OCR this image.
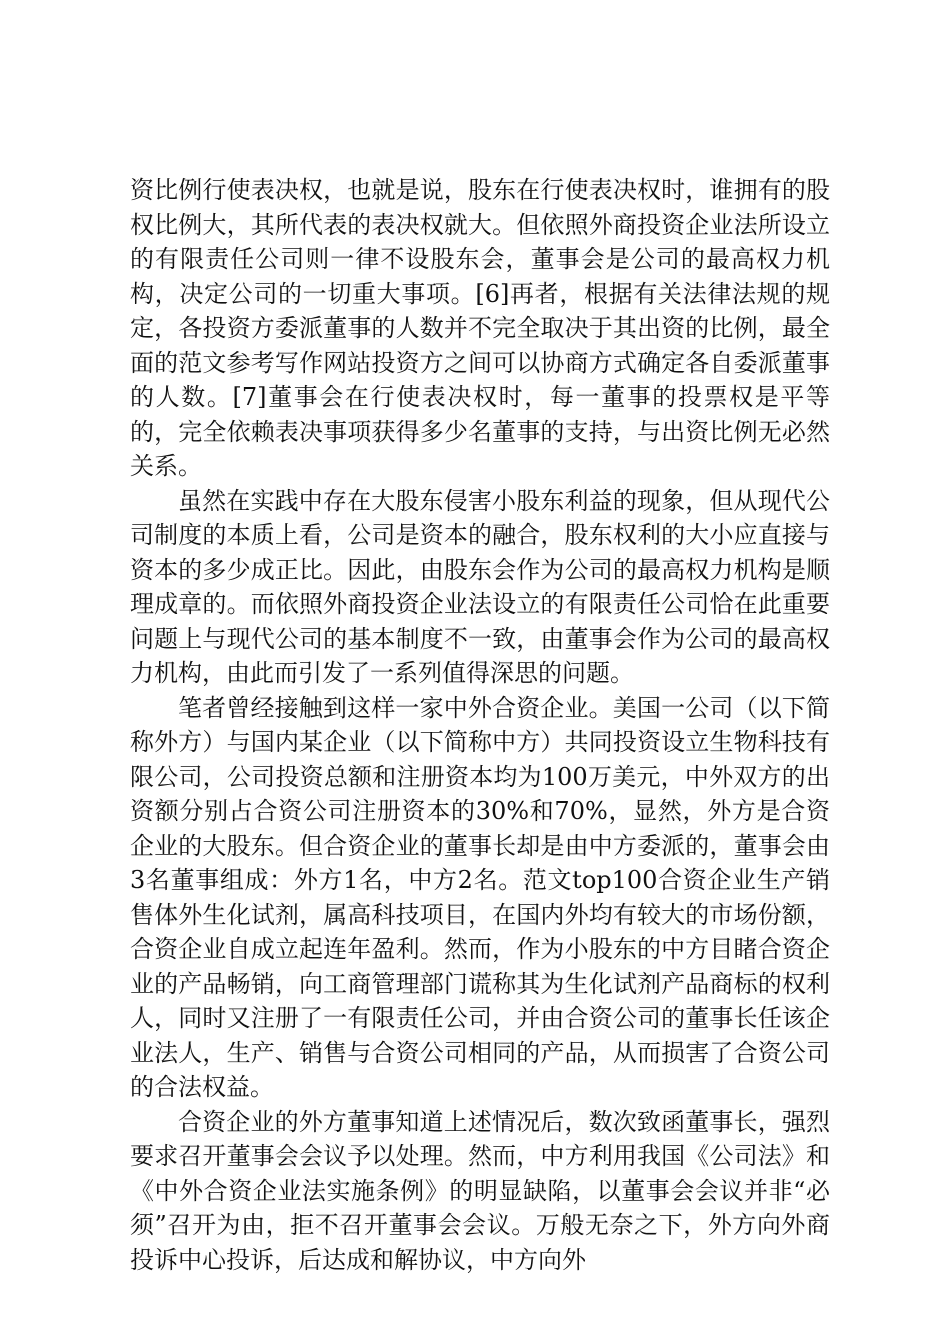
资比例行使表决权，也就是说，股东在行使表决权时，谁拥有的股权比例大，其所代表的表决权就大。但依照外商投资企业法所设立的有限责任公司则一律不设股东会，董事会是公司的最高权力机构，决定公司的一切重大事项。[6]再者，根据有关法律法规的规定，各投资方委派董事的人数并不完全取决于其出资的比例，最全面的范文参考写作网站投资方之间可以协商方式确定各自委派董事的人数。[7]董事会在行使表决权时，每一董事的投票权是平等的，完全依赖表决事项获得多少名董事的支持，与出资比例无必然关系。

虽然在实践中存在大股东侵害小股东利益的现象，但从现代公司制度的本质上看，公司是资本的融合，股东权利的大小应直接与资本的多少成正比。因此，由股东会作为公司的最高权力机构是顺理成章的。而依照外商投资企业法设立的有限责任公司恰在此重要问题上与现代公司的基本制度不一致，由董事会作为公司的最高权力机构，由此而引发了一系列值得深思的问题。

笔者曾经接触到这样一家中外合资企业。美国一公司（以下简称外方）与国内某企业（以下简称中方）共同投资设立生物科技有限公司，公司投资总额和注册资本均为100万美元，中外双方的出资额分别占合资公司注册资本的30%和70%，显然，外方是合资企业的大股东。但合资企业的董事长却是由中方委派的，董事会由3名董事组成：外方1名，中方2名。范文top100合资企业生产销售体外生化试剂，属高科技项目，在国内外均有较大的市场份额，合资企业自成立起连年盈利。然而，作为小股东的中方目睹合资企业的产品畅销，向工商管理部门谎称其为生化试剂产品商标的权利人，同时又注册了一有限责任公司，并由合资公司的董事长任该企业法人，生产、销售与合资公司相同的产品，从而损害了合资公司的合法权益。

合资企业的外方董事知道上述情况后，数次致函董事长，强烈要求召开董事会会议予以处理。然而，中方利用我国《公司法》和《中外合资企业法实施条例》的明显缺陷，以董事会会议并非“必须”召开为由，拒不召开董事会会议。万般无奈之下，外方向外商投诉中心投诉，后达成和解协议，中方向外
